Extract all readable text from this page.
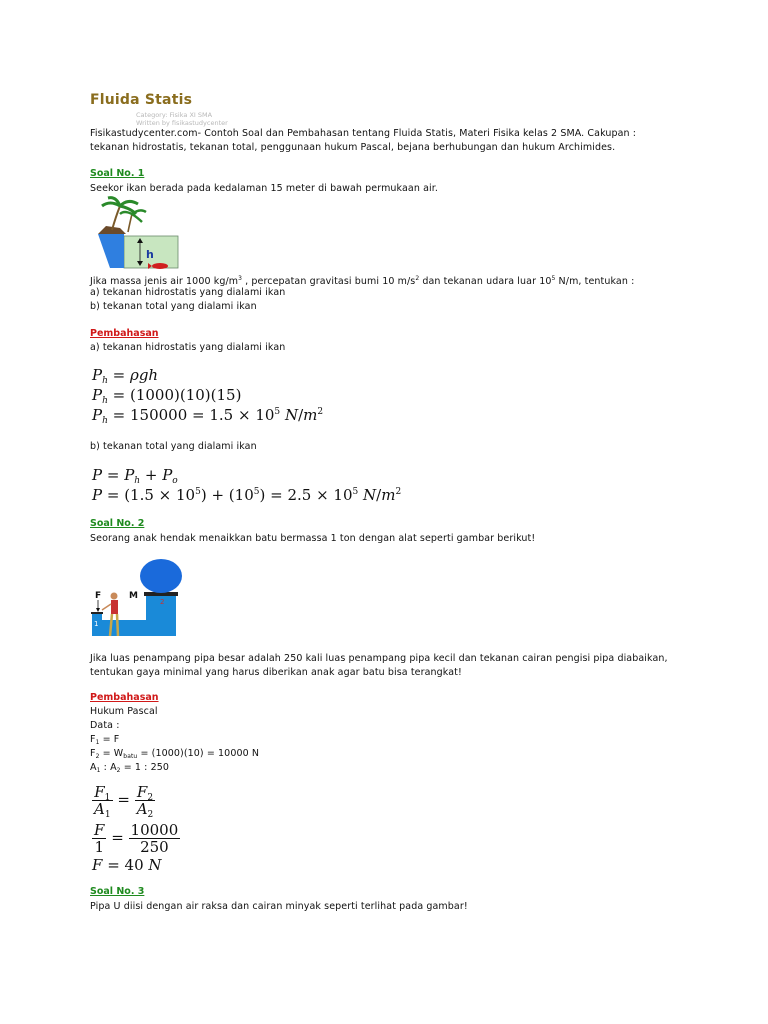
Fluida Statis
Category: Fisika XI SMA
Written by fisikastudycenter
Fisikastudycenter.com- Contoh Soal dan Pembahasan tentang Fluida Statis, Materi Fisika kelas 2 SMA. Cakupan :
tekanan hidrostatis, tekanan total, penggunaan hukum Pascal, bejana berhubungan dan hukum Archimides.
Soal No. 1
Seekor ikan berada pada kedalaman 15 meter di bawah permukaan air.
h
Jika massa jenis air 1000 $kg/m^3$ , percepatan gravitasi bumi 10 $m/s^2$ dan tekanan udara luar $10^5$ N/m, tentukan :
a) tekanan hidrostatis yang dialami ikan
b) tekanan total yang dialami ikan
Pembahasan
a) tekanan hidrostatis yang dialami ikan
$P_h = \rho gh$
$P_h = (1000)(10)(15)$
$P_h = 150000 = 1.5 \times 10^5$ $N/m^2$
b) tekanan total yang dialami ikan
$P = P_h + P_o$
$P = (1.5 \times 10^5) + (10^5) = 2.5 \times 10^5$ $N/m^2$
Soal No. 2
Seorang anak hendak menaikkan batu bermassa 1 ton dengan alat seperti gambar berikut!
F	M
1
2
Jika luas penampang pipa besar adalah 250 kali luas penampang pipa kecil dan tekanan cairan pengisi pipa diabaikan,
tentukan gaya minimal yang harus diberikan anak agar batu bisa terangkat!
Pembahasan
Hukum Pascal
Data :
$F_1 = F$
$F_2 = W_{batu} = (1000)(10) = 10000$ N
$A_1$ : $A_2 = 1$ : 250
$\frac{F_1}{A_1} = \frac{F_2}{A_2}$
$\frac{F}{1} = \frac{10000}{250}$
F = 40 N
Soal No. 3
Pipa U diisi dengan air raksa dan cairan minyak seperti terlihat pada gambar!
